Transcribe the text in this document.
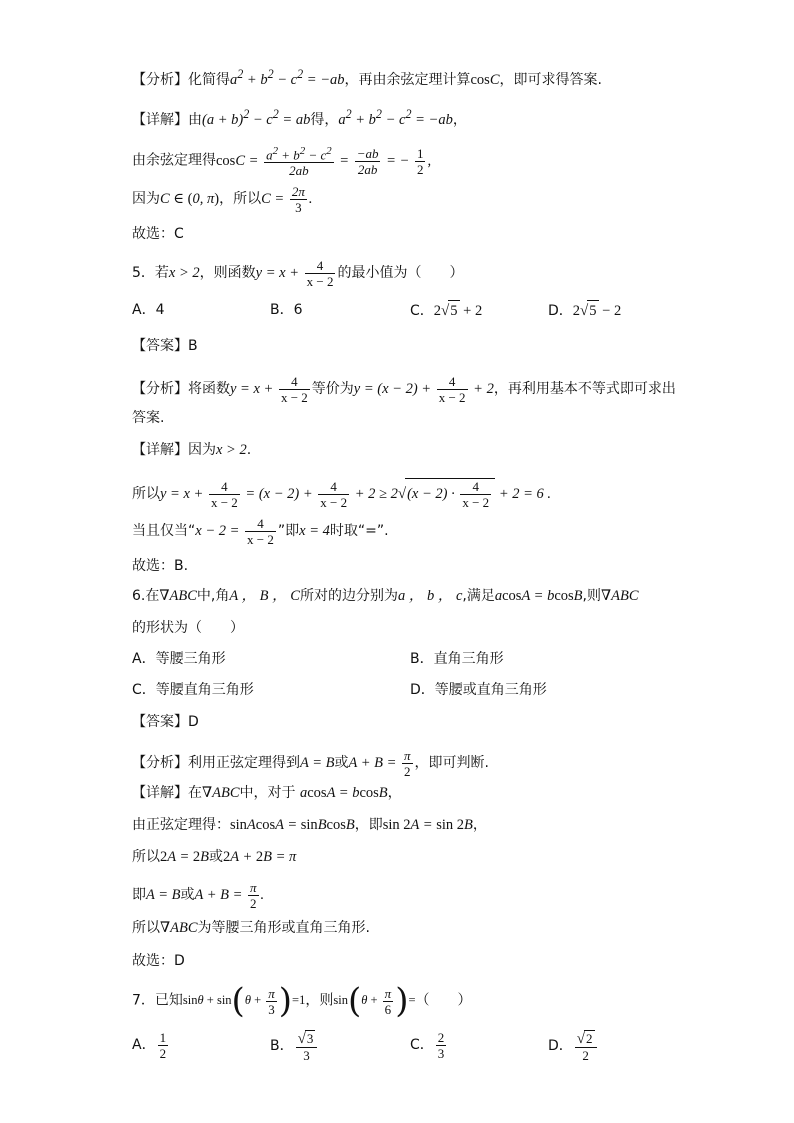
【分析】化简得$a^2 + b^2 - c^2 = -ab$，再由余弦定理计算cosC，即可求得答案.
【详解】由$(a + b)^2 - c^2$ = ab得，$a^2 + b^2 - c^2 = -ab$，
由余弦定理得$\cos C = \frac{a^2 + b^2 - c^2}{2ab} = \frac{-ab}{2ab}$ = − $\frac{1}{2}$ ,
因为C ∈ (0, π)，所以$C = \frac{2\pi}{3}$ .
故选：C
5．若x > 2，则函数$y = x + \frac{4}{x - 2}$ 的最小值为（　　）
A．4	B．6	C．2√5 + 2	D．2√5 − 2
【答案】B
【分析】将函数$y = x + \frac{4}{x - 2}$ 等价为$y = (x - 2) + \frac{4}{x - 2} + 2$，再利用基本不等式即可求出
答案.
【详解】因为x > 2.
所以$y = x + \frac{4}{x - 2} = (x - 2) + \frac{4}{x - 2} + 2 \ge 2√(x - 2) \cdot \frac{4}{x - 2} + 2 = 6$ .
当且仅当“$x - 2 = \frac{4}{x - 2}$ ”即x = 4时取“=”.
故选：B.
6.在∇ABC中,角A ， B ， C所对的边分别为a ， b ， c,满足acosA = bcosB,则∇ABC
的形状为（　　）
A．等腰三角形	B．直角三角形
C．等腰直角三角形	D．等腰或直角三角形
【答案】D
【分析】利用正弦定理得到A = B或$A + B = \frac{\pi}{2}$ ，即可判断.
【详解】在∇ABC中，对于 acosA = bcosB，
由正弦定理得：sinAcosA = sinBcosB，即sin 2A = sin 2B，
所以2A = 2B或2A + 2B = π
即A = B或$A + B = \frac{\pi}{2}$ .
所以∇ABC为等腰三角形或直角三角形.
故选：D
7．已知$\sin\theta + \sin(\theta + \frac{\pi}{3} )=1$，则$\sin(\theta + \frac{\pi}{6}$ )=（　　）
A． $\frac{1}{2}$	B． $\frac{√3}{3}$	C． $\frac{2}{3}$	D． $\frac{√2}{2}$
